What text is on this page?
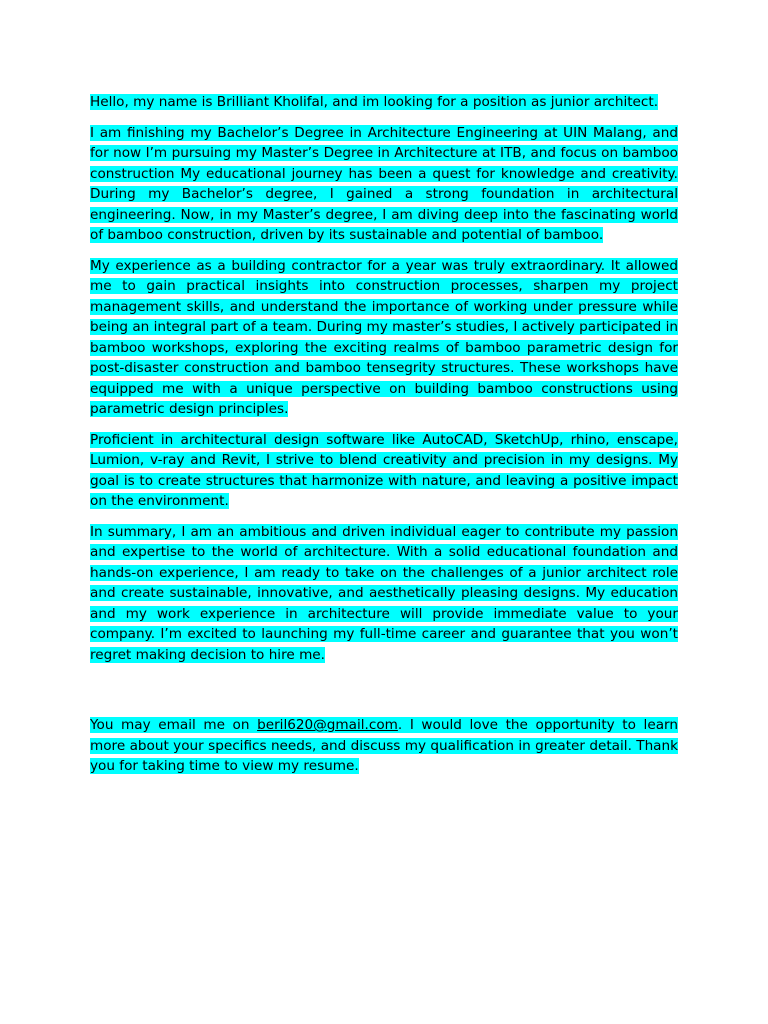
Hello, my name is Brilliant Kholifal, and im looking for a position as junior architect.

I am finishing my Bachelor’s Degree in Architecture Engineering at UIN Malang, and for now I’m pursuing my Master’s Degree in Architecture at ITB, and focus on bamboo construction My educational journey has been a quest for knowledge and creativity. During my Bachelor’s degree, I gained a strong foundation in architectural engineering. Now, in my Master’s degree, I am diving deep into the fascinating world of bamboo construction, driven by its sustainable and potential of bamboo.

My experience as a building contractor for a year was truly extraordinary. It allowed me to gain practical insights into construction processes, sharpen my project management skills, and understand the importance of working under pressure while being an integral part of a team. During my master’s studies, I actively participated in bamboo workshops, exploring the exciting realms of bamboo parametric design for post-disaster construction and bamboo tensegrity structures. These workshops have equipped me with a unique perspective on building bamboo constructions using parametric design principles.

Proficient in architectural design software like AutoCAD, SketchUp, rhino, enscape, Lumion, v-ray and Revit, I strive to blend creativity and precision in my designs. My goal is to create structures that harmonize with nature, and leaving a positive impact on the environment.

In summary, I am an ambitious and driven individual eager to contribute my passion and expertise to the world of architecture. With a solid educational foundation and hands-on experience, I am ready to take on the challenges of a junior architect role and create sustainable, innovative, and aesthetically pleasing designs. My education and my work experience in architecture will provide immediate value to your company. I’m excited to launching my full-time career and guarantee that you won’t regret making decision to hire me.

You may email me on beril620@gmail.com. I would love the opportunity to learn more about your specifics needs, and discuss my qualification in greater detail. Thank you for taking time to view my resume.
